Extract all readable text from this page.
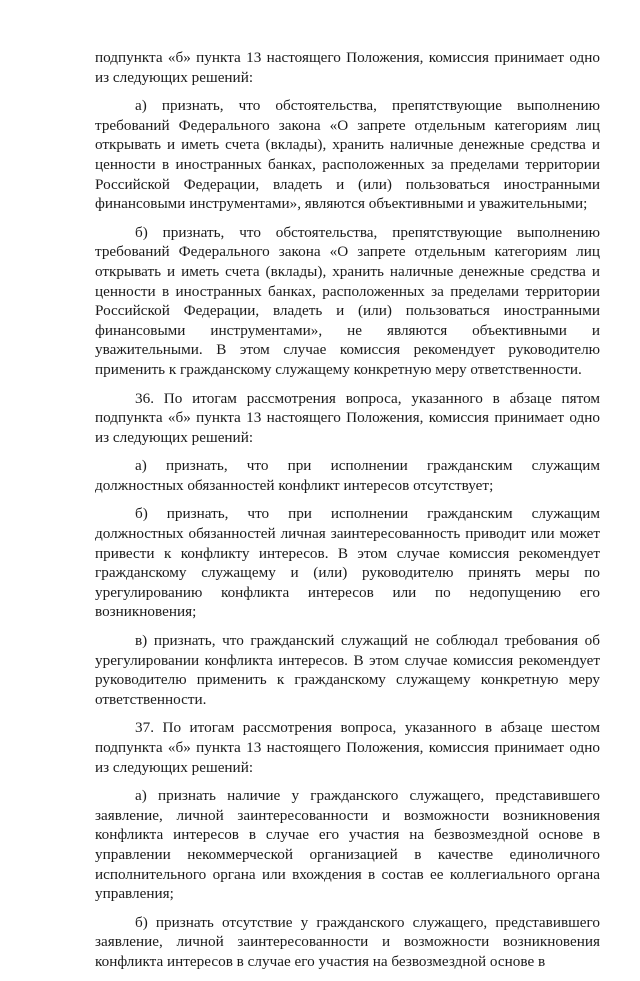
подпункта «б» пункта 13 настоящего Положения, комиссия принимает одно из следующих решений:

а) признать, что обстоятельства, препятствующие выполнению требований Федерального закона «О запрете отдельным категориям лиц открывать и иметь счета (вклады), хранить наличные денежные средства и ценности в иностранных банках, расположенных за пределами территории Российской Федерации, владеть и (или) пользоваться иностранными финансовыми инструментами», являются объективными и уважительными;

б) признать, что обстоятельства, препятствующие выполнению требований Федерального закона «О запрете отдельным категориям лиц открывать и иметь счета (вклады), хранить наличные денежные средства и ценности в иностранных банках, расположенных за пределами территории Российской Федерации, владеть и (или) пользоваться иностранными финансовыми инструментами», не являются объективными и уважительными. В этом случае комиссия рекомендует руководителю применить к гражданскому служащему конкретную меру ответственности.

36. По итогам рассмотрения вопроса, указанного в абзаце пятом подпункта «б» пункта 13 настоящего Положения, комиссия принимает одно из следующих решений:

а) признать, что при исполнении гражданским служащим должностных обязанностей конфликт интересов отсутствует;

б) признать, что при исполнении гражданским служащим должностных обязанностей личная заинтересованность приводит или может привести к конфликту интересов. В этом случае комиссия рекомендует гражданскому служащему и (или) руководителю принять меры по урегулированию конфликта интересов или по недопущению его возникновения;

в) признать, что гражданский служащий не соблюдал требования об урегулировании конфликта интересов. В этом случае комиссия рекомендует руководителю применить к гражданскому служащему конкретную меру ответственности.

37. По итогам рассмотрения вопроса, указанного в абзаце шестом подпункта «б» пункта 13 настоящего Положения, комиссия принимает одно из следующих решений:

а) признать наличие у гражданского служащего, представившего заявление, личной заинтересованности и возможности возникновения конфликта интересов в случае его участия на безвозмездной основе в управлении некоммерческой организацией в качестве единоличного исполнительного органа или вхождения в состав ее коллегиального органа управления;

б) признать отсутствие у гражданского служащего, представившего заявление, личной заинтересованности и возможности возникновения конфликта интересов в случае его участия на безвозмездной основе в
